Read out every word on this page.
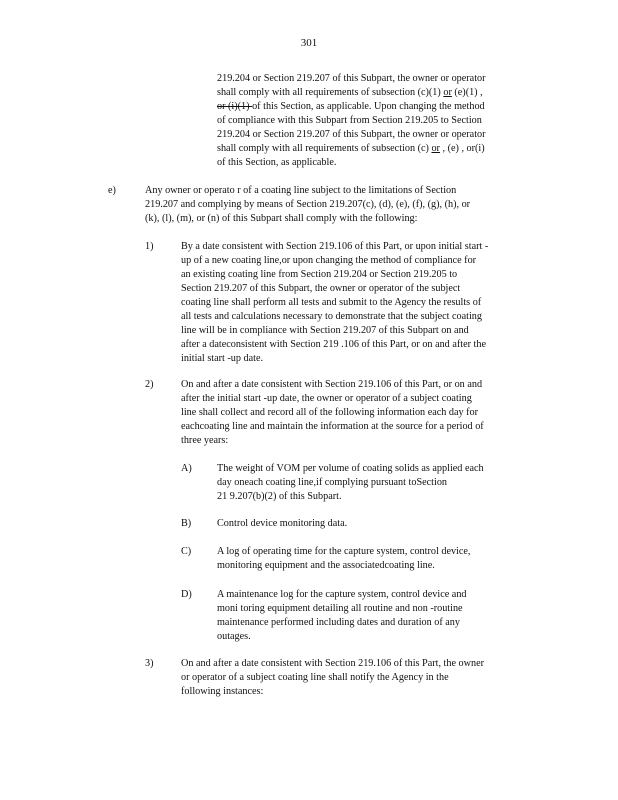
301
219.204 or Section 219.207 of this Subpart, the owner or operator
shall comply with all requirements of subsection (c)(1) or (e)(1) ,
or (i)(1) of this Section, as applicable. Upon changing the method
of compliance with this Subpart from Section 219.205 to Section
219.204 or Section 219.207 of this Subpart, the owner or operator
shall comply with all requirements of subsection (c) or , (e) , or(i)
of this Section, as applicable.
e)	Any owner or operato r of a coating line subject to the limitations of Section
219.207 and complying by means of Section 219.207(c), (d), (e), (f), (g), (h), or
(k), (l), (m), or (n) of this Subpart shall comply with the following:
1)	By a date consistent with Section 219.106 of this Part, or upon initial start -
up of a new coating line,or upon changing the method of compliance for
an existing coating line from Section 219.204 or Section 219.205 to
Section 219.207 of this Subpart, the owner or operator of the subject
coating line shall perform all tests and submit to the Agency the results of
all tests and calculations necessary to demonstrate that the subject coating
line will be in compliance with Section 219.207 of this Subpart on and
after a dateconsistent with Section 219 .106 of this Part, or on and after the
initial start -up date.
2)	On and after a date consistent with Section 219.106 of this Part, or on and
after the initial start -up date, the owner or operator of a subject coating
line shall collect and record all of the following information each day for
eachcoating line and maintain the information at the source for a period of
three years:
A) The weight of VOM per volume of coating solids as applied each
day oneach coating line,if complying pursuant toSection
21 9.207(b)(2) of this Subpart.
B)	Control device monitoring data.
C)	A log of operating time for the capture system, control device,
monitoring equipment and the associatedcoating line.
D) A maintenance log for the capture system, control device and
moni toring equipment detailing all routine and non -routine
maintenance performed including dates and duration of any
outages.
3)	On and after a date consistent with Section 219.106 of this Part, the owner
or operator of a subject coating line shall notify the Agency in the
following instances:
